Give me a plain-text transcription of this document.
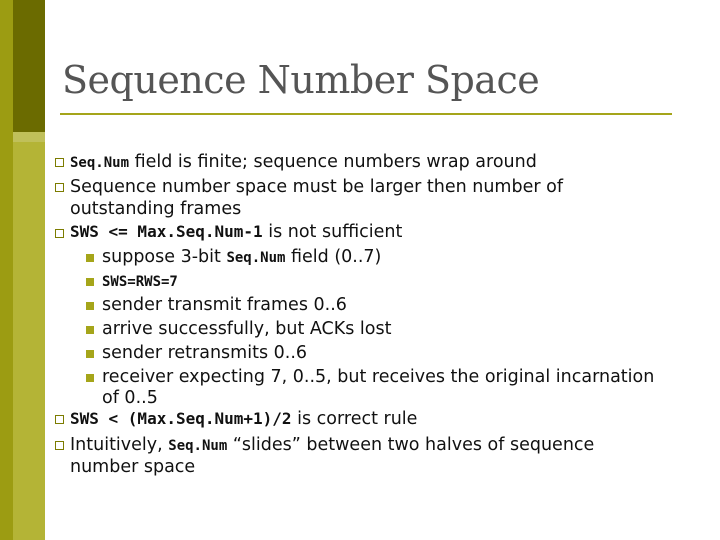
Sequence Number Space
Seq.Num field is finite; sequence numbers wrap around
Sequence number space must be larger then number of
outstanding frames
SWS <= Max.Seq.Num-1 is not sufficient
suppose 3-bit Seq.Num field (0..7)
SWS=RWS=7
sender transmit frames 0..6
arrive successfully, but ACKs lost
sender retransmits 0..6
receiver expecting 7, 0..5, but receives the original incarnation
of 0..5
SWS < (Max.Seq.Num+1)/2 is correct rule
Intuitively, Seq.Num “slides” between two halves of sequence
number space
